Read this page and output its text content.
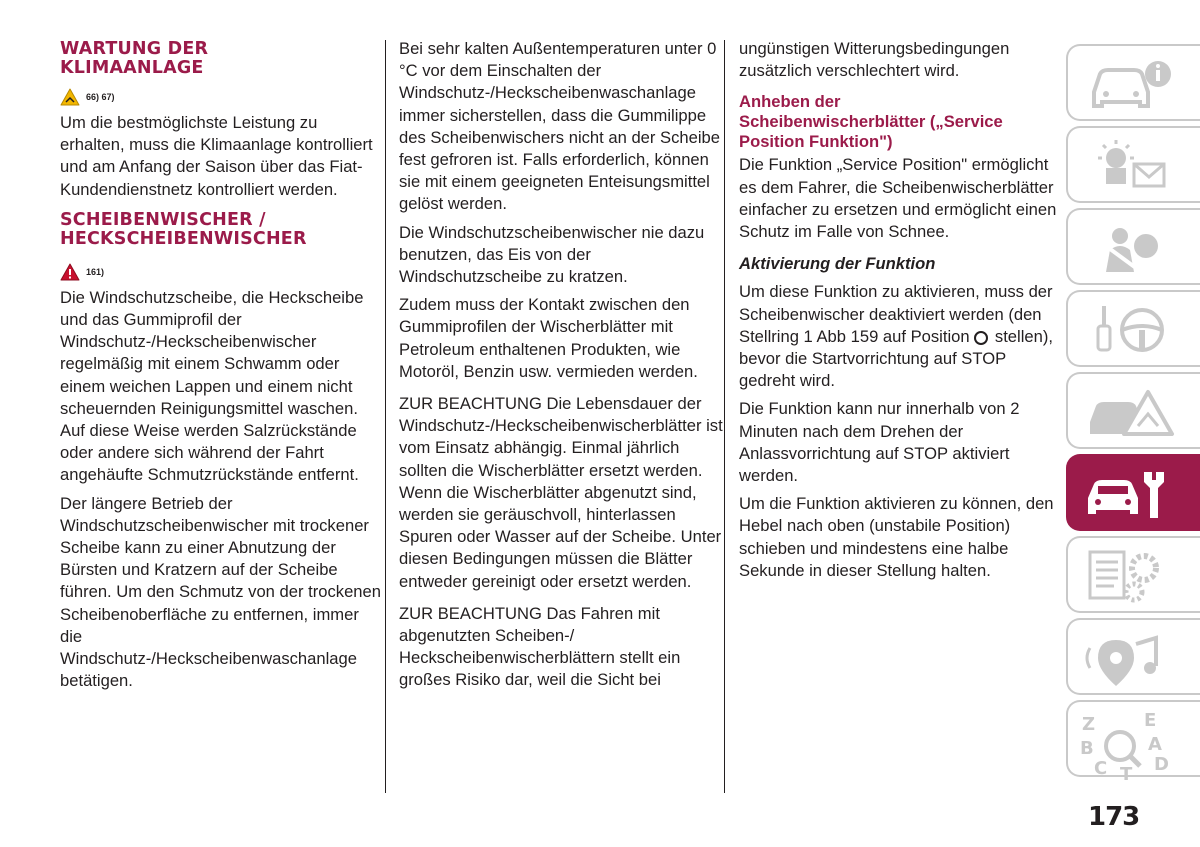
WARTUNG DER
KLIMAANLAGE
66) 67)

Um die bestmöglichste Leistung zu erhalten, muss die Klimaanlage kontrolliert und am Anfang der Saison über das Fiat-Kundendienstnetz kontrolliert werden.

SCHEIBENWISCHER /
HECKSCHEIBENWISCHER
161)

Die Windschutzscheibe, die Heckscheibe und das Gummiprofil der Windschutz-/Heckscheibenwischer regelmäßig mit einem Schwamm oder einem weichen Lappen und einem nicht scheuernden Reinigungsmittel waschen. Auf diese Weise werden Salzrückstände oder andere sich während der Fahrt angehäufte Schmutzrückstände entfernt.

Der längere Betrieb der Windschutzscheibenwischer mit trockener Scheibe kann zu einer Abnutzung der Bürsten und Kratzern auf der Scheibe führen. Um den Schmutz von der trockenen Scheibenoberfläche zu entfernen, immer die Windschutz-/Heckscheibenwaschanlage betätigen.

Bei sehr kalten Außentemperaturen unter 0 °C vor dem Einschalten der Windschutz-/Heckscheibenwaschanlage immer sicherstellen, dass die Gummilippe des Scheibenwischers nicht an der Scheibe fest gefroren ist. Falls erforderlich, können sie mit einem geeigneten Enteisungsmittel gelöst werden.

Die Windschutzscheibenwischer nie dazu benutzen, das Eis von der Windschutzscheibe zu kratzen.

Zudem muss der Kontakt zwischen den Gummiprofilen der Wischerblätter mit Petroleum enthaltenen Produkten, wie Motoröl, Benzin usw. vermieden werden.

ZUR BEACHTUNG Die Lebensdauer der Windschutz-/Heckscheibenwischerblätter ist vom Einsatz abhängig. Einmal jährlich sollten die Wischerblätter ersetzt werden. Wenn die Wischerblätter abgenutzt sind, werden sie geräuschvoll, hinterlassen Spuren oder Wasser auf der Scheibe. Unter diesen Bedingungen müssen die Blätter entweder gereinigt oder ersetzt werden.

ZUR BEACHTUNG Das Fahren mit abgenutzten Scheiben-/ Heckscheibenwischerblättern stellt ein großes Risiko dar, weil die Sicht bei

ungünstigen Witterungsbedingungen zusätzlich verschlechtert wird.

Anheben der
Scheibenwischerblätter („Service
Position Funktion")

Die Funktion „Service Position" ermöglicht es dem Fahrer, die Scheibenwischerblätter einfacher zu ersetzen und ermöglicht einen Schutz im Falle von Schnee.

Aktivierung der Funktion

Um diese Funktion zu aktivieren, muss der Scheibenwischer deaktiviert werden (den Stellring 1 Abb 159 auf Position stellen), bevor die Startvorrichtung auf STOP gedreht wird.

Die Funktion kann nur innerhalb von 2 Minuten nach dem Drehen der Anlassvorrichtung auf STOP aktiviert werden.

Um die Funktion aktivieren zu können, den Hebel nach oben (unstabile Position) schieben und mindestens eine halbe Sekunde in dieser Stellung halten.

Z	E
B	A
C T D
173
